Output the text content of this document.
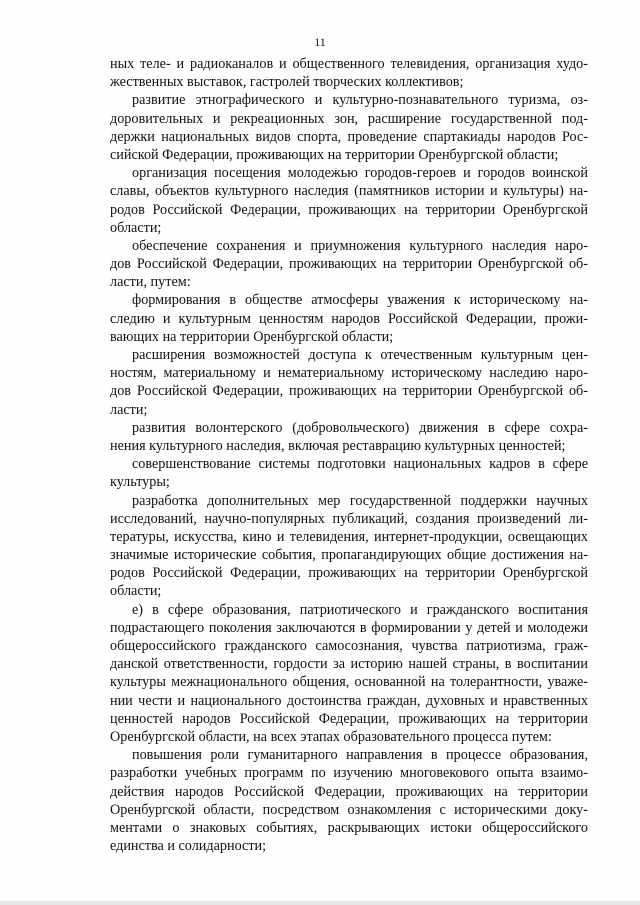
11
ных теле- и радиоканалов и общественного телевидения, организация худо-
жественных выставок, гастролей творческих коллективов;
развитие этнографического и культурно-познавательного туризма, оз-
доровительных и рекреационных зон, расширение государственной под-
держки национальных видов спорта, проведение спартакиады народов Рос-
сийской Федерации, проживающих на территории Оренбургской области;
организация посещения молодежью городов-героев и городов воинской
славы, объектов культурного наследия (памятников истории и культуры) на-
родов Российской Федерации, проживающих на территории Оренбургской
области;
обеспечение сохранения и приумножения культурного наследия наро-
дов Российской Федерации, проживающих на территории Оренбургской об-
ласти, путем:
формирования в обществе атмосферы уважения к историческому на-
следию и культурным ценностям народов Российской Федерации, прожи-
вающих на территории Оренбургской области;
расширения возможностей доступа к отечественным культурным цен-
ностям, материальному и нематериальному историческому наследию наро-
дов Российской Федерации, проживающих на территории Оренбургской об-
ласти;
развития волонтерского (добровольческого) движения в сфере сохра-
нения культурного наследия, включая реставрацию культурных ценностей;
совершенствование системы подготовки национальных кадров в сфере
культуры;
разработка дополнительных мер государственной поддержки научных
исследований, научно-популярных публикаций, создания произведений ли-
тературы, искусства, кино и телевидения, интернет-продукции, освещающих
значимые исторические события, пропагандирующих общие достижения на-
родов Российской Федерации, проживающих на территории Оренбургской
области;
е) в сфере образования, патриотического и гражданского воспитания
подрастающего поколения заключаются в формировании у детей и молодежи
общероссийского гражданского самосознания, чувства патриотизма, граж-
данской ответственности, гордости за историю нашей страны, в воспитании
культуры межнационального общения, основанной на толерантности, уваже-
нии чести и национального достоинства граждан, духовных и нравственных
ценностей народов Российской Федерации, проживающих на территории
Оренбургской области, на всех этапах образовательного процесса путем:
повышения роли гуманитарного направления в процессе образования,
разработки учебных программ по изучению многовекового опыта взаимо-
действия народов Российской Федерации, проживающих на территории
Оренбургской области, посредством ознакомления с историческими доку-
ментами о знаковых событиях, раскрывающих истоки общероссийского
единства и солидарности;
